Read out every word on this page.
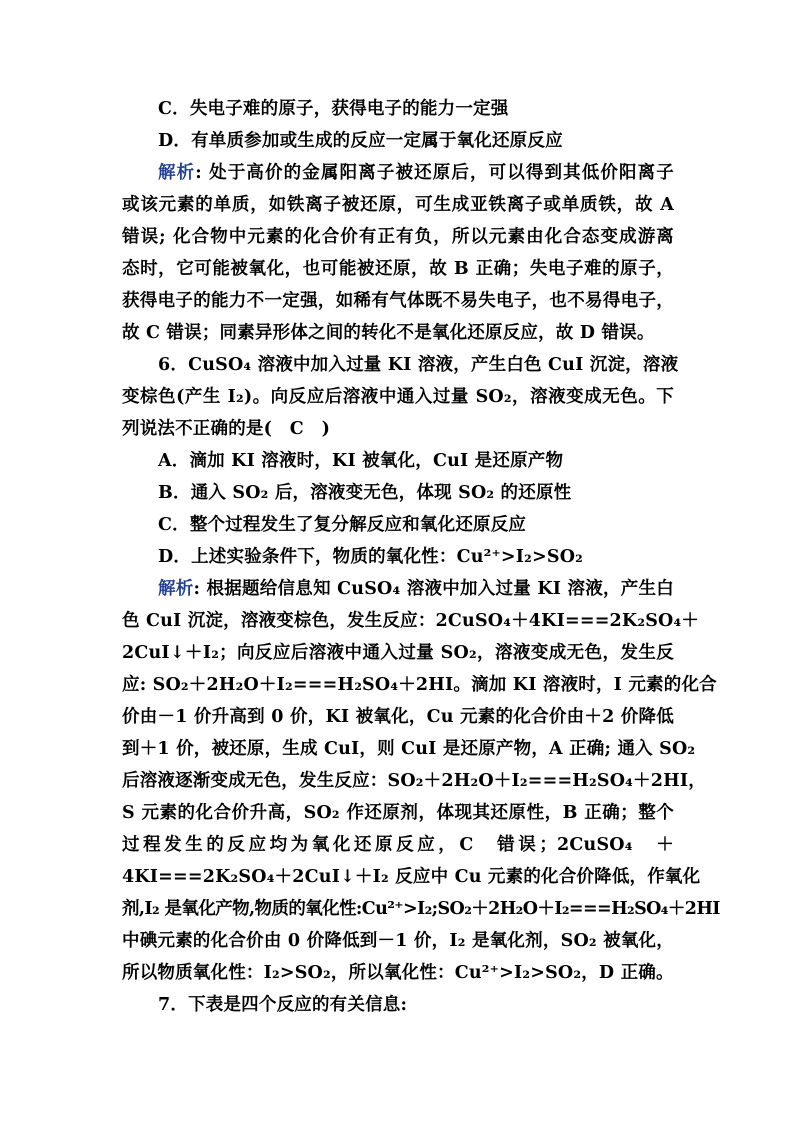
C．失电子难的原子，获得电子的能力一定强
D．有单质参加或生成的反应一定属于氧化还原反应
解析: 处于高价的金属阳离子被还原后，可以得到其低价阳离子
或该元素的单质，如铁离子被还原，可生成亚铁离子或单质铁，故 A
错误; 化合物中元素的化合价有正有负，所以元素由化合态变成游离
态时，它可能被氧化，也可能被还原，故 B 正确；失电子难的原子，
获得电子的能力不一定强，如稀有气体既不易失电子，也不易得电子，
故 C 错误；同素异形体之间的转化不是氧化还原反应，故 D 错误。
6．CuSO₄ 溶液中加入过量 KI 溶液，产生白色 CuI 沉淀，溶液
变棕色(产生 I₂)。向反应后溶液中通入过量 SO₂，溶液变成无色。下
列说法不正确的是(　C　)
A．滴加 KI 溶液时，KI 被氧化，CuI 是还原产物
B．通入 SO₂ 后，溶液变无色，体现 SO₂ 的还原性
C．整个过程发生了复分解反应和氧化还原反应
D．上述实验条件下，物质的氧化性：Cu²⁺>I₂>SO₂
解析: 根据题给信息知 CuSO₄ 溶液中加入过量 KI 溶液，产生白
色 CuI 沉淀，溶液变棕色，发生反应：2CuSO₄＋4KI===2K₂SO₄＋
2CuI↓＋I₂；向反应后溶液中通入过量 SO₂，溶液变成无色，发生反
应: SO₂＋2H₂O＋I₂===H₂SO₄＋2HI。滴加 KI 溶液时，I 元素的化合
价由－1 价升高到 0 价，KI 被氧化，Cu 元素的化合价由＋2 价降低
到＋1 价，被还原，生成 CuI，则 CuI 是还原产物，A 正确; 通入 SO₂
后溶液逐渐变成无色，发生反应：SO₂＋2H₂O＋I₂===H₂SO₄＋2HI，
S 元素的化合价升高，SO₂ 作还原剂，体现其还原性，B 正确；整个
过程发生的反应均为氧化还原反应，C 错误；2CuSO₄ ＋
4KI===2K₂SO₄＋2CuI↓＋I₂ 反应中 Cu 元素的化合价降低，作氧化
剂,I₂ 是氧化产物,物质的氧化性:Cu²⁺>I₂;SO₂＋2H₂O＋I₂===H₂SO₄＋2HI
中碘元素的化合价由 0 价降低到－1 价，I₂ 是氧化剂，SO₂ 被氧化，
所以物质氧化性：I₂>SO₂，所以氧化性：Cu²⁺>I₂>SO₂，D 正确。
7．下表是四个反应的有关信息:
